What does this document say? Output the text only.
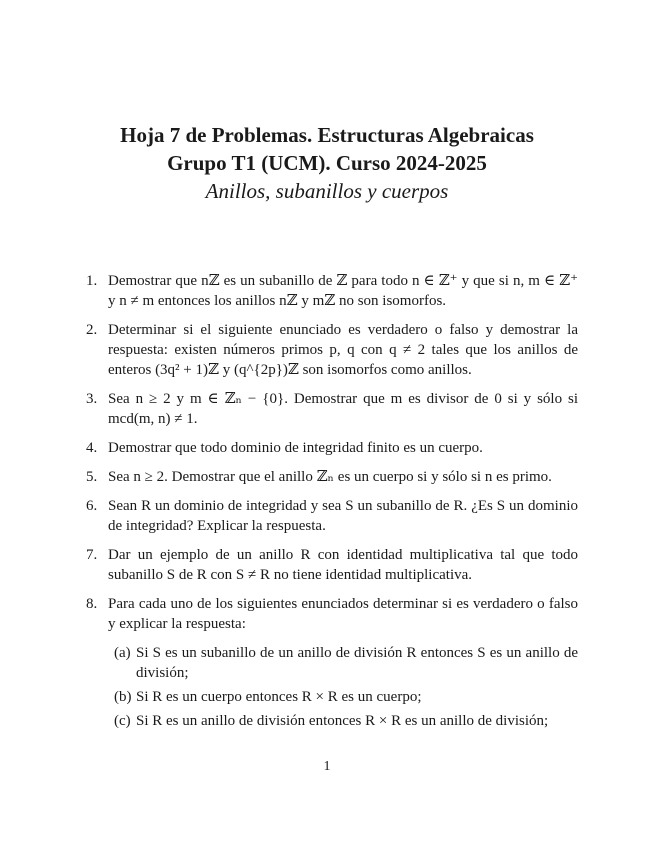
Hoja 7 de Problemas. Estructuras Algebraicas

Grupo T1 (UCM). Curso 2024-2025

Anillos, subanillos y cuerpos

1. Demostrar que nℤ es un subanillo de ℤ para todo n ∈ ℤ⁺ y que si n, m ∈ ℤ⁺ y n ≠ m entonces los anillos nℤ y mℤ no son isomorfos.
2. Determinar si el siguiente enunciado es verdadero o falso y demostrar la respuesta: existen números primos p, q con q ≠ 2 tales que los anillos de enteros (3q² + 1)ℤ y (q^{2p})ℤ son isomorfos como anillos.
3. Sea n ≥ 2 y m ∈ ℤₙ − {0}. Demostrar que m es divisor de 0 si y sólo si mcd(m, n) ≠ 1.
4. Demostrar que todo dominio de integridad finito es un cuerpo.
5. Sea n ≥ 2. Demostrar que el anillo ℤₙ es un cuerpo si y sólo si n es primo.
6. Sean R un dominio de integridad y sea S un subanillo de R. ¿Es S un dominio de integridad? Explicar la respuesta.
7. Dar un ejemplo de un anillo R con identidad multiplicativa tal que todo subanillo S de R con S ≠ R no tiene identidad multiplicativa.
8. Para cada uno de los siguientes enunciados determinar si es verdadero o falso y explicar la respuesta:
(a) Si S es un subanillo de un anillo de división R entonces S es un anillo de división;
(b) Si R es un cuerpo entonces R × R es un cuerpo;
(c) Si R es un anillo de división entonces R × R es un anillo de división;
1
